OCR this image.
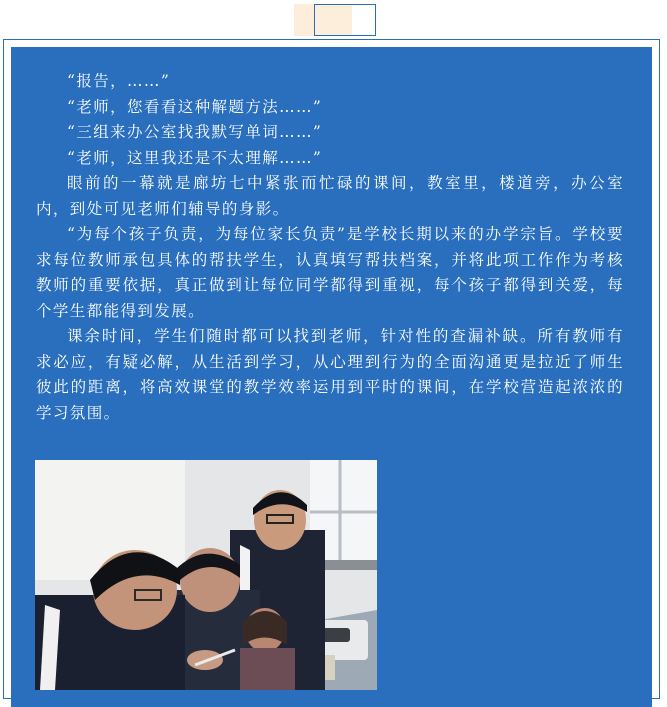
“报告，……”

“老师，您看看这种解题方法……”

“三组来办公室找我默写单词……”

“老师，这里我还是不太理解……”

眼前的一幕就是廊坊七中紧张而忙碌的课间，教室里，楼道旁，办公室内，到处可见老师们辅导的身影。

“为每个孩子负责，为每位家长负责”是学校长期以来的办学宗旨。学校要求每位教师承包具体的帮扶学生，认真填写帮扶档案，并将此项工作作为考核教师的重要依据，真正做到让每位同学都得到重视，每个孩子都得到关爱，每个学生都能得到发展。

课余时间，学生们随时都可以找到老师，针对性的查漏补缺。所有教师有求必应，有疑必解，从生活到学习，从心理到行为的全面沟通更是拉近了师生彼此的距离，将高效课堂的教学效率运用到平时的课间，在学校营造起浓浓的学习氛围。
